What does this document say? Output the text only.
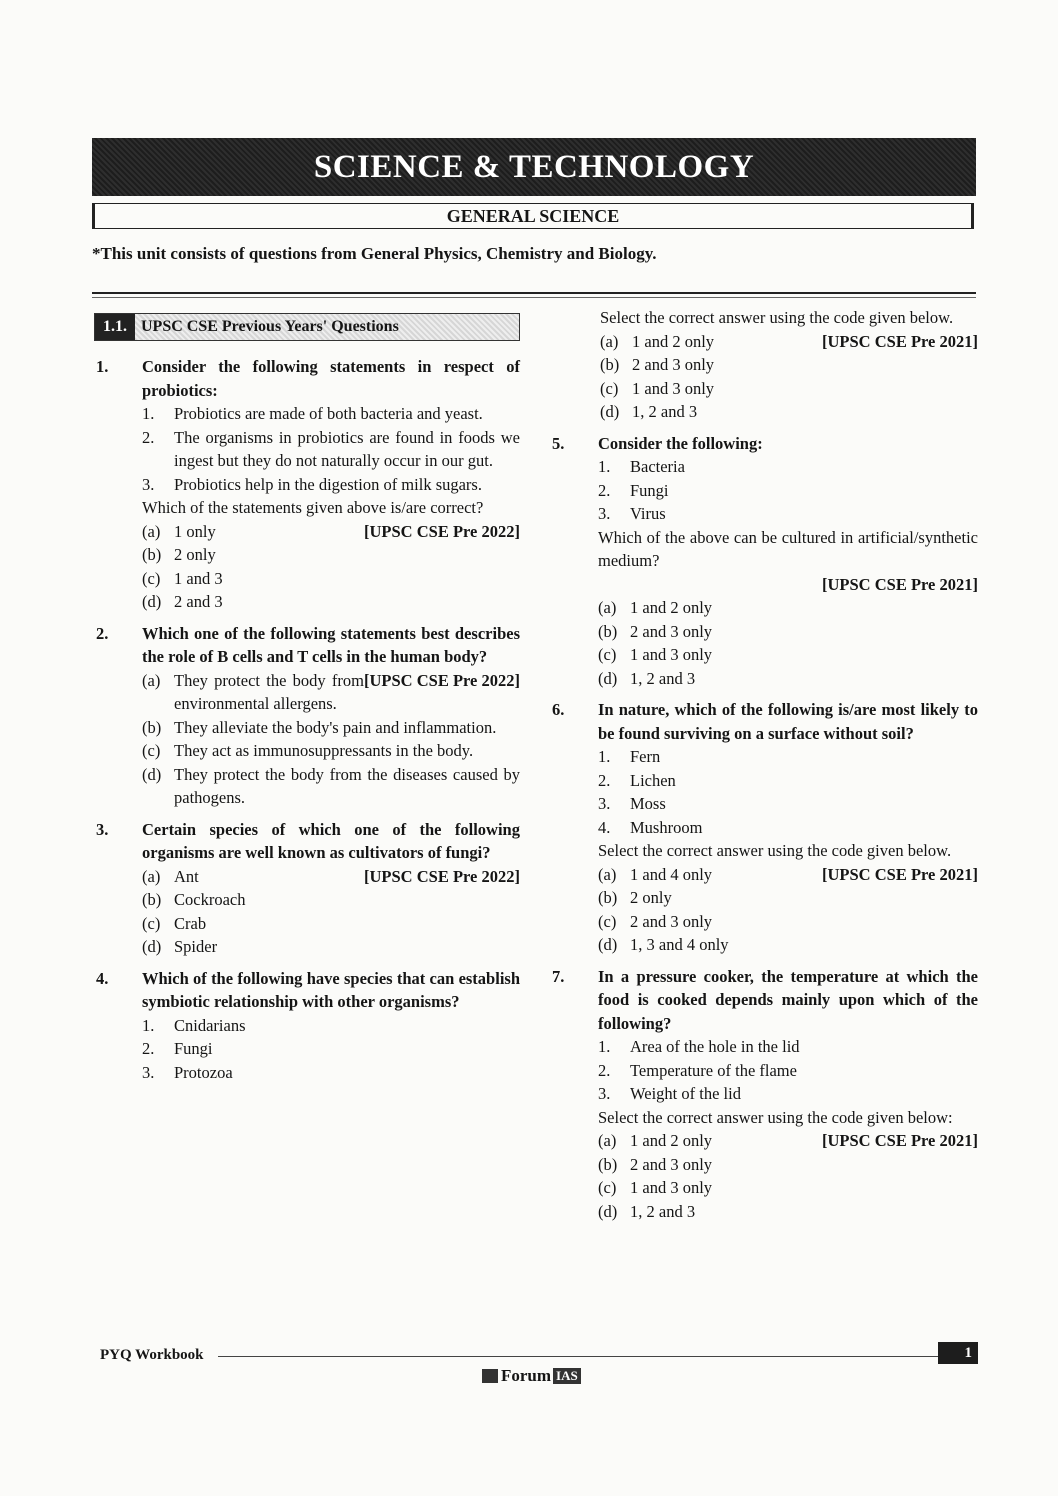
SCIENCE & TECHNOLOGY
GENERAL SCIENCE
*This unit consists of questions from General Physics, Chemistry and Biology.
1.1. UPSC CSE Previous Years' Questions
1.	Consider the following statements in respect of probiotics:
1.	Probiotics are made of both bacteria and yeast.
2.	The organisms in probiotics are found in foods we ingest but they do not naturally occur in our gut.
3.	Probiotics help in the digestion of milk sugars.
Which of the statements given above is/are correct?
[UPSC CSE Pre 2022]
(a) 1 only
(b) 2 only
(c) 1 and 3
(d) 2 and 3
2.	Which one of the following statements best describes the role of B cells and T cells in the human body?
[UPSC CSE Pre 2022]
(a) They protect the body from environmental allergens.
(b) They alleviate the body's pain and inflammation.
(c) They act as immunosuppressants in the body.
(d) They protect the body from the diseases caused by pathogens.
3.	Certain species of which one of the following organisms are well known as cultivators of fungi?
[UPSC CSE Pre 2022]
(a) Ant
(b) Cockroach
(c) Crab
(d) Spider
4.	Which of the following have species that can establish symbiotic relationship with other organisms?
1.	Cnidarians
2.	Fungi
3.	Protozoa
Select the correct answer using the code given below.
[UPSC CSE Pre 2021]
(a) 1 and 2 only
(b) 2 and 3 only
(c) 1 and 3 only
(d) 1, 2 and 3
5.	Consider the following:
1.	Bacteria
2.	Fungi
3.	Virus
Which of the above can be cultured in artificial/synthetic medium?
[UPSC CSE Pre 2021]
(a) 1 and 2 only
(b) 2 and 3 only
(c) 1 and 3 only
(d) 1, 2 and 3
6.	In nature, which of the following is/are most likely to be found surviving on a surface without soil?
1.	Fern
2.	Lichen
3.	Moss
4.	Mushroom
Select the correct answer using the code given below.
[UPSC CSE Pre 2021]
(a) 1 and 4 only
(b) 2 only
(c) 2 and 3 only
(d) 1, 3 and 4 only
7.	In a pressure cooker, the temperature at which the food is cooked depends mainly upon which of the following?
1.	Area of the hole in the lid
2.	Temperature of the flame
3.	Weight of the lid
Select the correct answer using the code given below:
[UPSC CSE Pre 2021]
(a) 1 and 2 only
(b) 2 and 3 only
(c) 1 and 3 only
(d) 1, 2 and 3
PYQ Workbook	1
Forum IAS
